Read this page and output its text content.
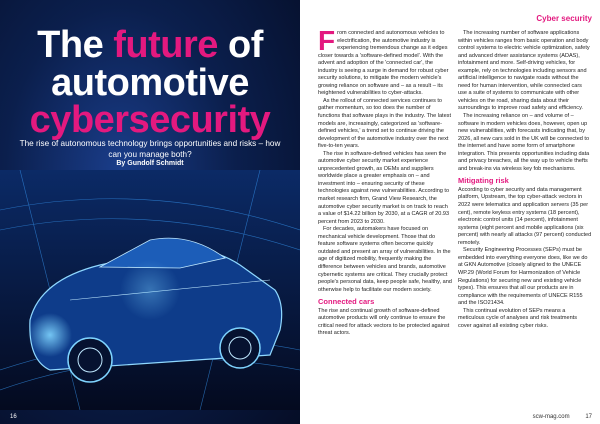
The future of
automotive
cybersecurity
The rise of autonomous technology brings opportunities and risks – how can you manage both?
By Gundolf Schmidt
16
Cyber security
F rom connected and autonomous vehicles to electrification, the automotive industry is experiencing tremendous change as it edges closer towards a 'software-defined model'. With the advent and adoption of the 'connected car', the industry is seeing a surge in demand for robust cyber security solutions, to mitigate the modern vehicle's growing reliance on software and – as a result – its heightened vulnerabilities to cyber-attacks.

As the rollout of connected services continues to gather momentum, so too does the number of functions that software plays in the industry. The latest models are, increasingly, categorized as 'software-defined vehicles,' a trend set to continue driving the development of the automotive industry over the next five-to-ten years.

The rise in software-defined vehicles has seen the automotive cyber security market experience unprecedented growth, as OEMs and suppliers worldwide place a greater emphasis on – and investment into – ensuring security of these technologies against new vulnerabilities. According to market research firm, Grand View Research, the automotive cyber security market is on track to reach a value of $14.22 billion by 2030, at a CAGR of 20.93 percent from 2023 to 2030.

For decades, automakers have focused on mechanical vehicle development. Those that do feature software systems often become quickly outdated and present an array of vulnerabilities. In the age of digitized mobility, frequently making the difference between vehicles and brands, automotive cybernetic systems are critical. They crucially protect people's personal data, keep people safe, healthy, and otherwise help to facilitate our modern society.

Connected cars

The rise and continual growth of software-defined automotive products will only continue to ensure the critical need for attack vectors to be protected against threat actors.

The increasing number of software applications within vehicles ranges from basic operation and body control systems to electric vehicle optimization, safety and advanced driver assistance systems (ADAS), infotainment and more. Self-driving vehicles, for example, rely on technologies including sensors and artificial intelligence to navigate roads without the need for human intervention, while connected cars use a suite of systems to communicate with other vehicles on the road, sharing data about their surroundings to improve road safety and efficiency.

The increasing reliance on – and volume of – software in modern vehicles does, however, open up new vulnerabilities, with forecasts indicating that, by 2026, all new cars sold in the UK will be connected to the internet and have some form of smartphone integration. This presents opportunities including data and privacy breaches, all the way up to vehicle thefts and break-ins via wireless key fob mechanisms.

Mitigating risk

According to cyber security and data management platform, Upstream, the top cyber-attack vectors in 2022 were telematics and application servers (35 per cent), remote keyless entry systems (18 percent), electronic control units (14 percent), infotainment systems (eight percent and mobile applications (six percent) with nearly all attacks (97 percent) conducted remotely.

Security Engineering Processes (SEPs) must be embedded into everything everyone does, like we do at GKN Automotive (closely aligned to the UNECE WP.29 (World Forum for Harmonization of Vehicle Regulations) for securing new and existing vehicle types). This ensures that all our products are in compliance with the requirements of UNECE R155 and the ISO21434.

This continual evolution of SEPs means a meticulous cycle of analyses and risk treatments cover against all existing cyber risks.

scw-mag.com	17
